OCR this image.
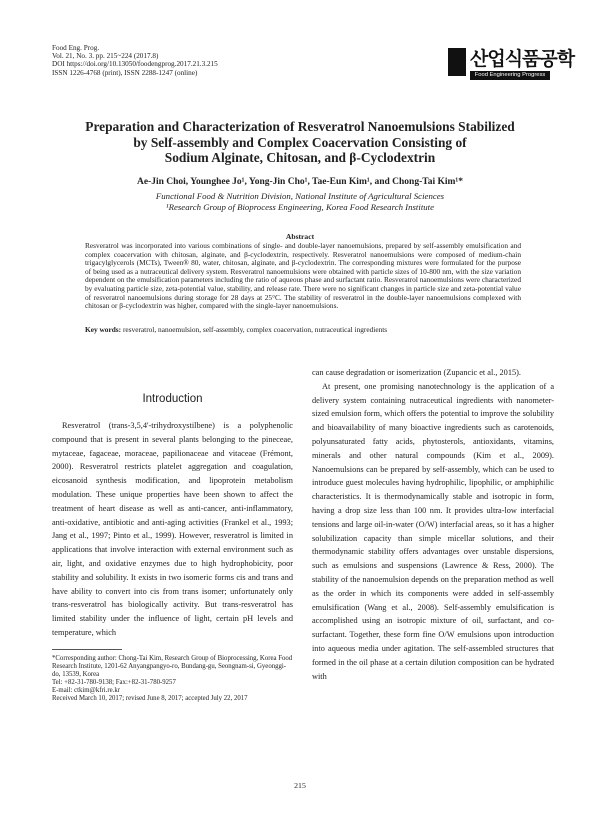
Food Eng. Prog.
Vol. 21, No. 3. pp. 215~224 (2017.8)
DOI https://doi.org/10.13050/foodengprog.2017.21.3.215
ISSN 1226-4768 (print), ISSN 2288-1247 (online)
산업식품공학
Food Engineering Progress
Preparation and Characterization of Resveratrol Nanoemulsions Stabilized
by Self-assembly and Complex Coacervation Consisting of
Sodium Alginate, Chitosan, and β-Cyclodextrin
Ae-Jin Choi, Younghee Jo¹, Yong-Jin Cho¹, Tae-Eun Kim¹, and Chong-Tai Kim¹*
Functional Food & Nutrition Division, National Institute of Agricultural Sciences
¹Research Group of Bioprocess Engineering, Korea Food Research Institute
Abstract
Resveratrol was incorporated into various combinations of single- and double-layer nanoemulsions, prepared by self-assembly emulsification and complex coacervation with chitosan, alginate, and β-cyclodextrin, respectively. Resveratrol nanoemulsions were composed of medium-chain trigacylglycerols (MCTs), Tween® 80, water, chitosan, alginate, and β-cyclodextrin. The corresponding mixtures were formulated for the purpose of being used as a nutraceutical delivery system. Resveratrol nanoemulsions were obtained with particle sizes of 10-800 nm, with the size variation dependent on the emulsification parameters including the ratio of aqueous phase and surfactant ratio. Resveratrol nanoemulsions were characterized by evaluating particle size, zeta-potential value, stability, and release rate. There were no significant changes in particle size and zeta-potential value of resveratrol nanoemulsions during storage for 28 days at 25°C. The stability of resveratrol in the double-layer nanoemulsions complexed with chitosan or β-cyclodextrin was higher, compared with the single-layer nanoemulsions.
Key words: resveratrol, nanoemulsion, self-assembly, complex coacervation, nutraceutical ingredients
Introduction

Resveratrol (trans-3,5,4'-trihydroxystilbene) is a polyphenolic compound that is present in several plants belonging to the pineceae, mytaceae, fagaceae, moraceae, papilionaceae and vitaceae (Frémont, 2000). Resveratrol restricts platelet aggregation and coagulation, eicosanoid synthesis modification, and lipoprotein metabolism modulation. These unique properties have been shown to affect the treatment of heart disease as well as anti-cancer, anti-inflammatory, anti-oxidative, antibiotic and anti-aging activities (Frankel et al., 1993; Jang et al., 1997; Pinto et al., 1999). However, resveratrol is limited in applications that involve interaction with external environment such as air, light, and oxidative enzymes due to high hydrophobicity, poor stability and solubility. It exists in two isomeric forms cis and trans and have ability to convert into cis from trans isomer; unfortunately only trans-resveratrol has biologically activity. But trans-resveratrol has limited stability under the influence of light, certain pH levels and temperature, which

can cause degradation or isomerization (Zupancic et al., 2015).

At present, one promising nanotechnology is the application of a delivery system containing nutraceutical ingredients with nanometer-sized emulsion form, which offers the potential to improve the solubility and bioavailability of many bioactive ingredients such as carotenoids, polyunsaturated fatty acids, phytosterols, antioxidants, vitamins, minerals and other natural compounds (Kim et al., 2009). Nanoemulsions can be prepared by self-assembly, which can be used to introduce guest molecules having hydrophilic, lipophilic, or amphiphilic characteristics. It is thermodynamically stable and isotropic in form, having a drop size less than 100 nm. It provides ultra-low interfacial tensions and large oil-in-water (O/W) interfacial areas, so it has a higher solubilization capacity than simple micellar solutions, and their thermodynamic stability offers advantages over unstable dispersions, such as emulsions and suspensions (Lawrence & Ress, 2000). The stability of the nanoemulsion depends on the preparation method as well as the order in which its components were added in self-assembly emulsification (Wang et al., 2008). Self-assembly emulsification is accomplished using an isotropic mixture of oil, surfactant, and co-surfactant. Together, these form fine O/W emulsions upon introduction into aqueous media under agitation. The self-assembled structures that formed in the oil phase at a certain dilution composition can be hydrated with

*Corresponding author: Chong-Tai Kim, Research Group of Bioprocessing, Korea Food Research Institute, 1201-62 Anyangpangyo-ro, Bundang-gu, Seongnam-si, Gyeonggi-do, 13539, Korea
Tel: +82-31-780-9138; Fax:+82-31-780-9257
E-mail: ctkim@kfri.re.kr
Received March 10, 2017; revised June 8, 2017; accepted July 22, 2017
215
